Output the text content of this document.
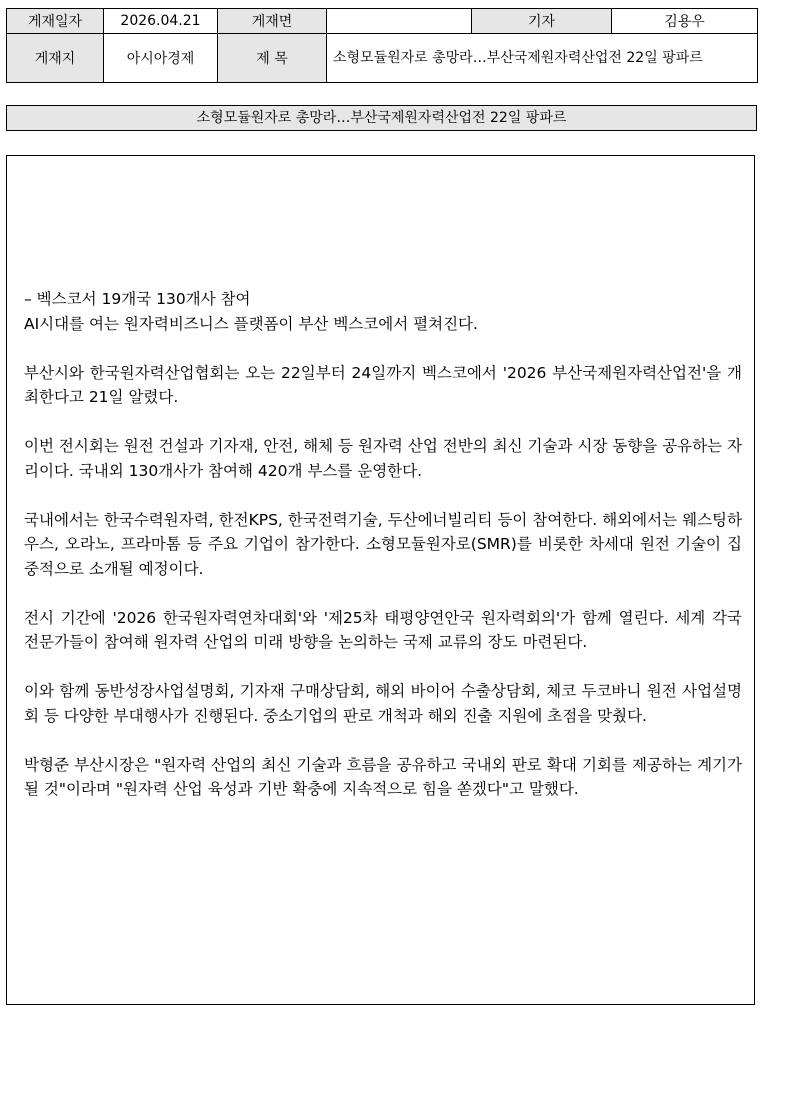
게재일자	2026.04.21	게재면		기자	김용우
게재지	아시아경제	제 목	소형모듈원자로 총망라…부산국제원자력산업전 22일 팡파르		
소형모듈원자로 총망라…부산국제원자력산업전 22일 팡파르
– 벡스코서 19개국 130개사 참여

AI시대를 여는 원자력비즈니스 플랫폼이 부산 벡스코에서 펼쳐진다.

부산시와 한국원자력산업협회는 오는 22일부터 24일까지 벡스코에서 '2026 부산국제원자력산업전'을 개최한다고 21일 알렸다.

이번 전시회는 원전 건설과 기자재, 안전, 해체 등 원자력 산업 전반의 최신 기술과 시장 동향을 공유하는 자리이다. 국내외 130개사가 참여해 420개 부스를 운영한다.

국내에서는 한국수력원자력, 한전KPS, 한국전력기술, 두산에너빌리티 등이 참여한다. 해외에서는 웨스팅하우스, 오라노, 프라마톰 등 주요 기업이 참가한다. 소형모듈원자로(SMR)를 비롯한 차세대 원전 기술이 집중적으로 소개될 예정이다.

전시 기간에 '2026 한국원자력연차대회'와 '제25차 태평양연안국 원자력회의'가 함께 열린다. 세계 각국 전문가들이 참여해 원자력 산업의 미래 방향을 논의하는 국제 교류의 장도 마련된다.

이와 함께 동반성장사업설명회, 기자재 구매상담회, 해외 바이어 수출상담회, 체코 두코바니 원전 사업설명회 등 다양한 부대행사가 진행된다. 중소기업의 판로 개척과 해외 진출 지원에 초점을 맞췄다.

박형준 부산시장은 "원자력 산업의 최신 기술과 흐름을 공유하고 국내외 판로 확대 기회를 제공하는 계기가 될 것"이라며 "원자력 산업 육성과 기반 확충에 지속적으로 힘을 쏟겠다"고 말했다.
